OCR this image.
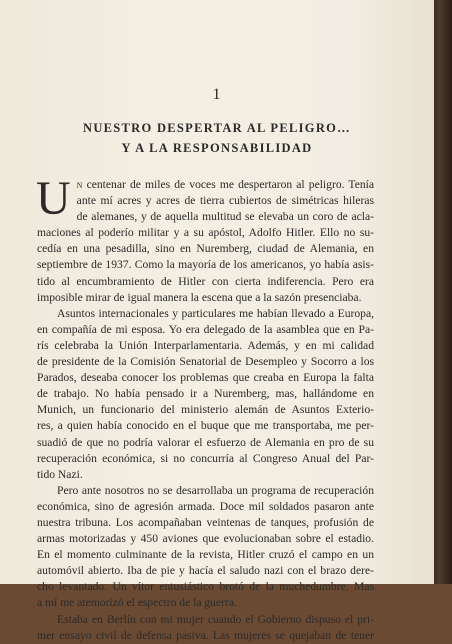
1
NUESTRO DESPERTAR AL PELIGRO…
Y A LA RESPONSABILIDAD
U n centenar de miles de voces me despertaron al peligro. Tenía

ante mí acres y acres de tierra cubiertos de simétricas hileras

de alemanes, y de aquella multitud se elevaba un coro de acla-

maciones al poderío militar y a su apóstol, Adolfo Hitler. Ello no su-

cedía en una pesadilla, sino en Nuremberg, ciudad de Alemania, en

septiembre de 1937. Como la mayoría de los americanos, yo había asis-

tido al encumbramiento de Hitler con cierta indiferencia. Pero era

imposible mirar de igual manera la escena que a la sazón presenciaba.

Asuntos internacionales y particulares me habían llevado a Europa,

en compañía de mi esposa. Yo era delegado de la asamblea que en Pa-

rís celebraba la Unión Interparlamentaria. Además, y en mi calidad

de presidente de la Comisión Senatorial de Desempleo y Socorro a los

Parados, deseaba conocer los problemas que creaba en Europa la falta

de trabajo. No había pensado ir a Nuremberg, mas, hallándome en

Munich, un funcionario del ministerio alemán de Asuntos Exterio-

res, a quien había conocido en el buque que me transportaba, me per-

suadió de que no podría valorar el esfuerzo de Alemania en pro de su

recuperación económica, si no concurría al Congreso Anual del Par-

tido Nazi.

Pero ante nosotros no se desarrollaba un programa de recuperación

económica, sino de agresión armada. Doce mil soldados pasaron ante

nuestra tribuna. Los acompañaban veintenas de tanques, profusión de

armas motorizadas y 450 aviones que evolucionaban sobre el estadio.

En el momento culminante de la revista, Hitler cruzó el campo en un

automóvil abierto. Iba de pie y hacía el saludo nazi con el brazo dere-

cho levantado. Un vítor entusiástico brotó de la muchedumbre. Mas

a mí me atemorizó el espectro de la guerra.

Estaba en Berlín con mi mujer cuando el Gobierno dispuso el pri-

mer ensayo civil de defensa pasiva. Las mujeres se quejaban de tener
